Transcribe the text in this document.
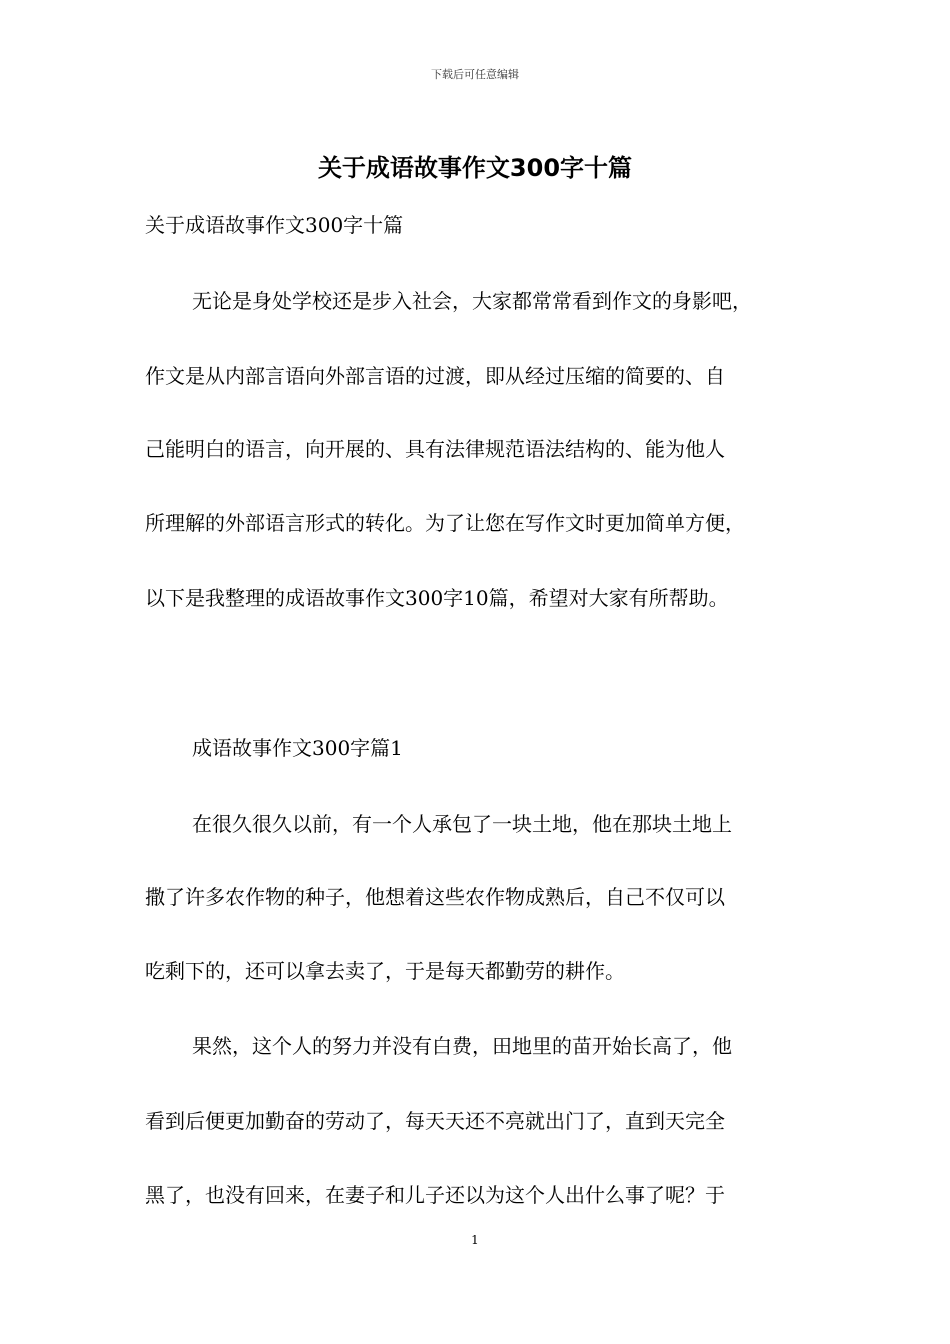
下载后可任意编辑
关于成语故事作文300字十篇
关于成语故事作文300字十篇
无论是身处学校还是步入社会，大家都常常看到作文的身影吧，
作文是从内部言语向外部言语的过渡，即从经过压缩的简要的、自
己能明白的语言，向开展的、具有法律规范语法结构的、能为他人
所理解的外部语言形式的转化。为了让您在写作文时更加简单方便，
以下是我整理的成语故事作文300字10篇，希望对大家有所帮助。
成语故事作文300字篇1
在很久很久以前，有一个人承包了一块土地，他在那块土地上
撒了许多农作物的种子，他想着这些农作物成熟后，自己不仅可以
吃剩下的，还可以拿去卖了，于是每天都勤劳的耕作。
果然，这个人的努力并没有白费，田地里的苗开始长高了，他
看到后便更加勤奋的劳动了，每天天还不亮就出门了，直到天完全
黑了，也没有回来，在妻子和儿子还以为这个人出什么事了呢？于
1
